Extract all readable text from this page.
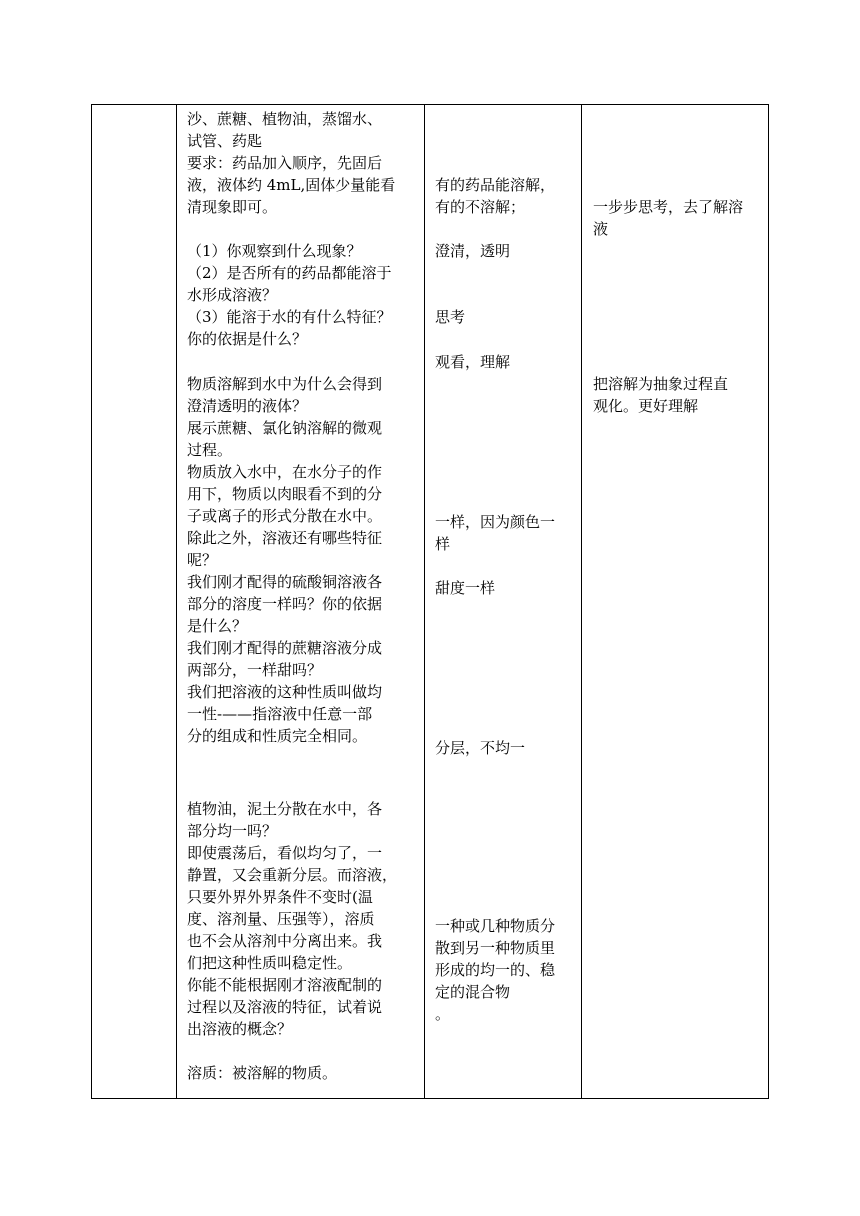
沙、蔗糖、植物油，蒸馏水、
试管、药匙
要求：药品加入顺序，先固后
液，液体约 4mL,固体少量能看
清现象即可。
（1）你观察到什么现象？
（2）是否所有的药品都能溶于
水形成溶液？
（3）能溶于水的有什么特征？
你的依据是什么？
物质溶解到水中为什么会得到
澄清透明的液体？
展示蔗糖、氯化钠溶解的微观
过程。
物质放入水中，在水分子的作
用下，物质以肉眼看不到的分
子或离子的形式分散在水中。
除此之外，溶液还有哪些特征
呢？
我们刚才配得的硫酸铜溶液各
部分的溶度一样吗？你的依据
是什么？
我们刚才配得的蔗糖溶液分成
两部分，一样甜吗？
我们把溶液的这种性质叫做均
一性-——指溶液中任意一部
分的组成和性质完全相同。
植物油，泥土分散在水中，各
部分均一吗？
即使震荡后，看似均匀了，一
静置，又会重新分层。而溶液，
只要外界外界条件不变时(温
度、溶剂量、压强等），溶质
也不会从溶剂中分离出来。我
们把这种性质叫稳定性。
你能不能根据刚才溶液配制的
过程以及溶液的特征，试着说
出溶液的概念？
溶质：被溶解的物质。

有的药品能溶解，
有的不溶解；
澄清，透明
思考
观看，理解
一样，因为颜色一
样
甜度一样
分层，不均一
一种或几种物质分
散到另一种物质里
形成的均一的、稳
定的混合物
。

一步步思考，去了解溶
液
把溶解为抽象过程直
观化。更好理解
